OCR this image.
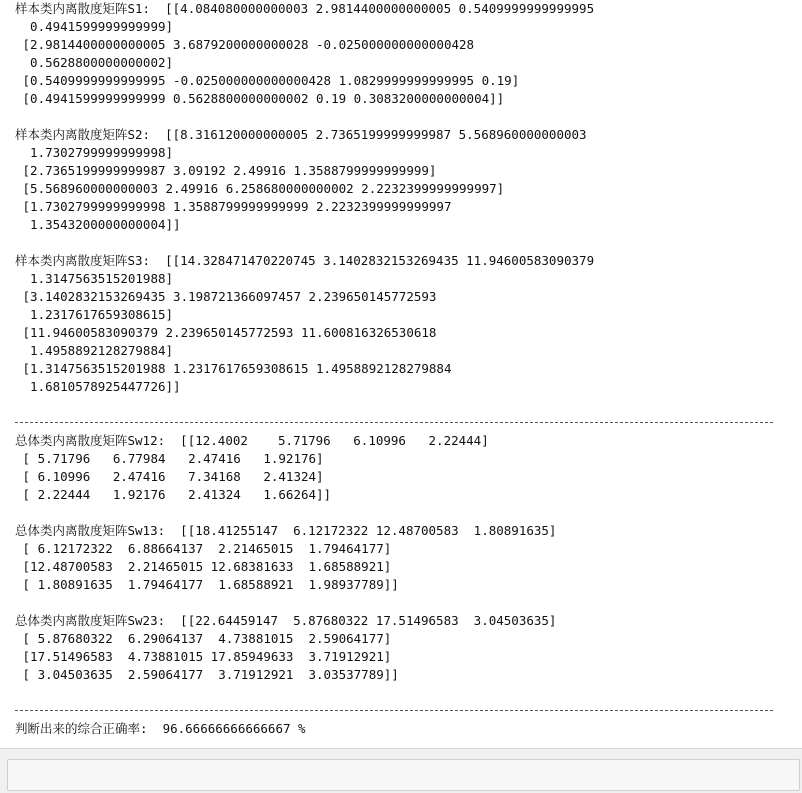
样本类内离散度矩阵S1:  [[4.084080000000003 2.9814400000000005 0.5409999999999995
0.4941599999999999]
[2.9814400000000005 3.6879200000000028 -0.025000000000000428
0.5628800000000002]
[0.5409999999999995 -0.025000000000000428 1.0829999999999995 0.19]
[0.4941599999999999 0.5628800000000002 0.19 0.3083200000000004]]
样本类内离散度矩阵S2:  [[8.316120000000005 2.7365199999999987 5.568960000000003
1.7302799999999998]
[2.7365199999999987 3.09192 2.49916 1.3588799999999999]
[5.568960000000003 2.49916 6.258680000000002 2.2232399999999997]
[1.7302799999999998 1.3588799999999999 2.2232399999999997
1.3543200000000004]]
样本类内离散度矩阵S3:  [[14.328471470220745 3.1402832153269435 11.94600583090379
1.3147563515201988]
[3.1402832153269435 3.198721366097457 2.239650145772593
1.2317617659308615]
[11.94600583090379 2.239650145772593 11.600816326530618
1.4958892128279884]
[1.3147563515201988 1.2317617659308615 1.4958892128279884
1.6810578925447726]]
总体类内离散度矩阵Sw12:  [[12.4002    5.71796   6.10996   2.22444]
[ 5.71796   6.77984   2.47416   1.92176]
[ 6.10996   2.47416   7.34168   2.41324]
[ 2.22444   1.92176   2.41324   1.66264]]
总体类内离散度矩阵Sw13:  [[18.41255147  6.12172322 12.48700583  1.80891635]
[ 6.12172322  6.88664137  2.21465015  1.79464177]
[12.48700583  2.21465015 12.68381633  1.68588921]
[ 1.80891635  1.79464177  1.68588921  1.98937789]]
总体类内离散度矩阵Sw23:  [[22.64459147  5.87680322 17.51496583  3.04503635]
[ 5.87680322  6.29064137  4.73881015  2.59064177]
[17.51496583  4.73881015 17.85949633  3.71912921]
[ 3.04503635  2.59064177  3.71912921  3.03537789]]
判断出来的综合正确率:  96.66666666666667 %
